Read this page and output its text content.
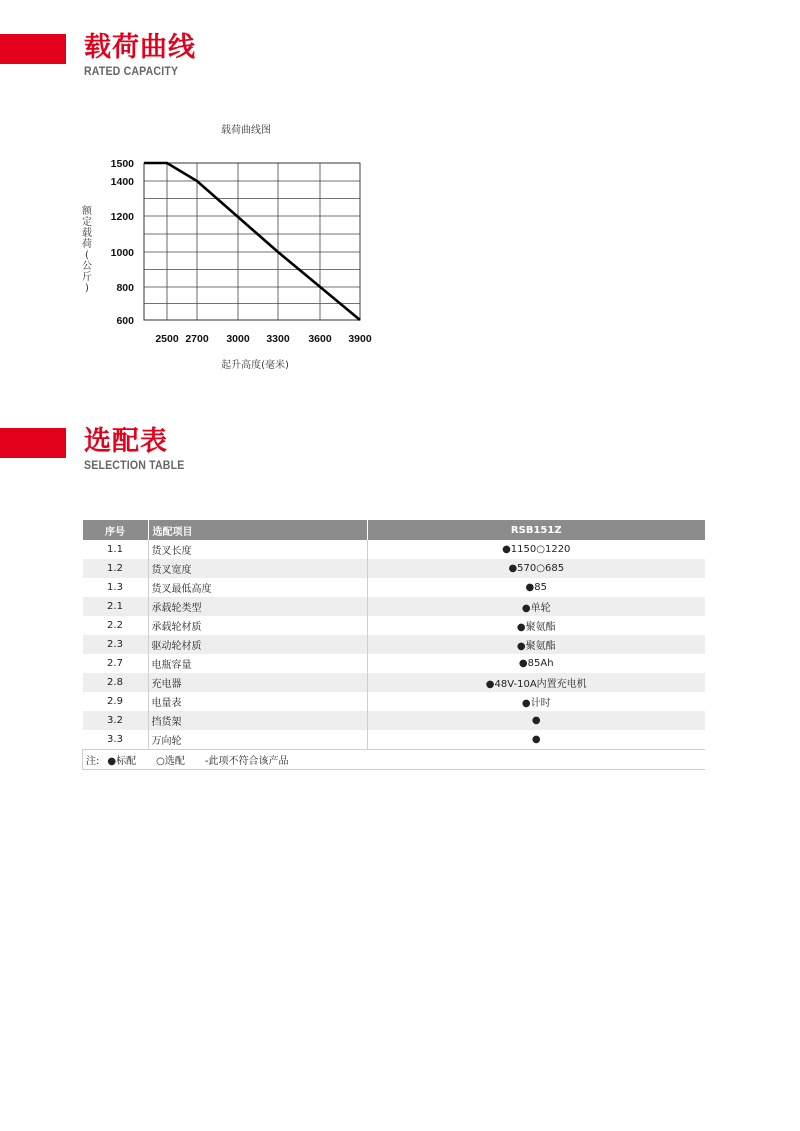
载荷曲线
RATED CAPACITY
载荷曲线图
2500 2700 3000 3300 3600 3900
600
800
1000
1200
1400
1500
起升高度(毫米)
额定载荷(公斤)
选配表
SELECTION TABLE
序号	选配项目	RSB151Z
1.1	货叉长度	●1150○1220
1.2	货叉宽度	●570○685
1.3	货叉最低高度	●85
2.1	承载轮类型	●单轮
2.2	承载轮材质	●聚氨酯
2.3	驱动轮材质	●聚氨酯
2.7	电瓶容量	●85Ah
2.8	充电器	●48V-10A内置充电机
2.9	电量表	●计时
3.2	挡货架	●
3.3	万向轮	●
注: ●标配 ○选配 -此项不符合该产品		
